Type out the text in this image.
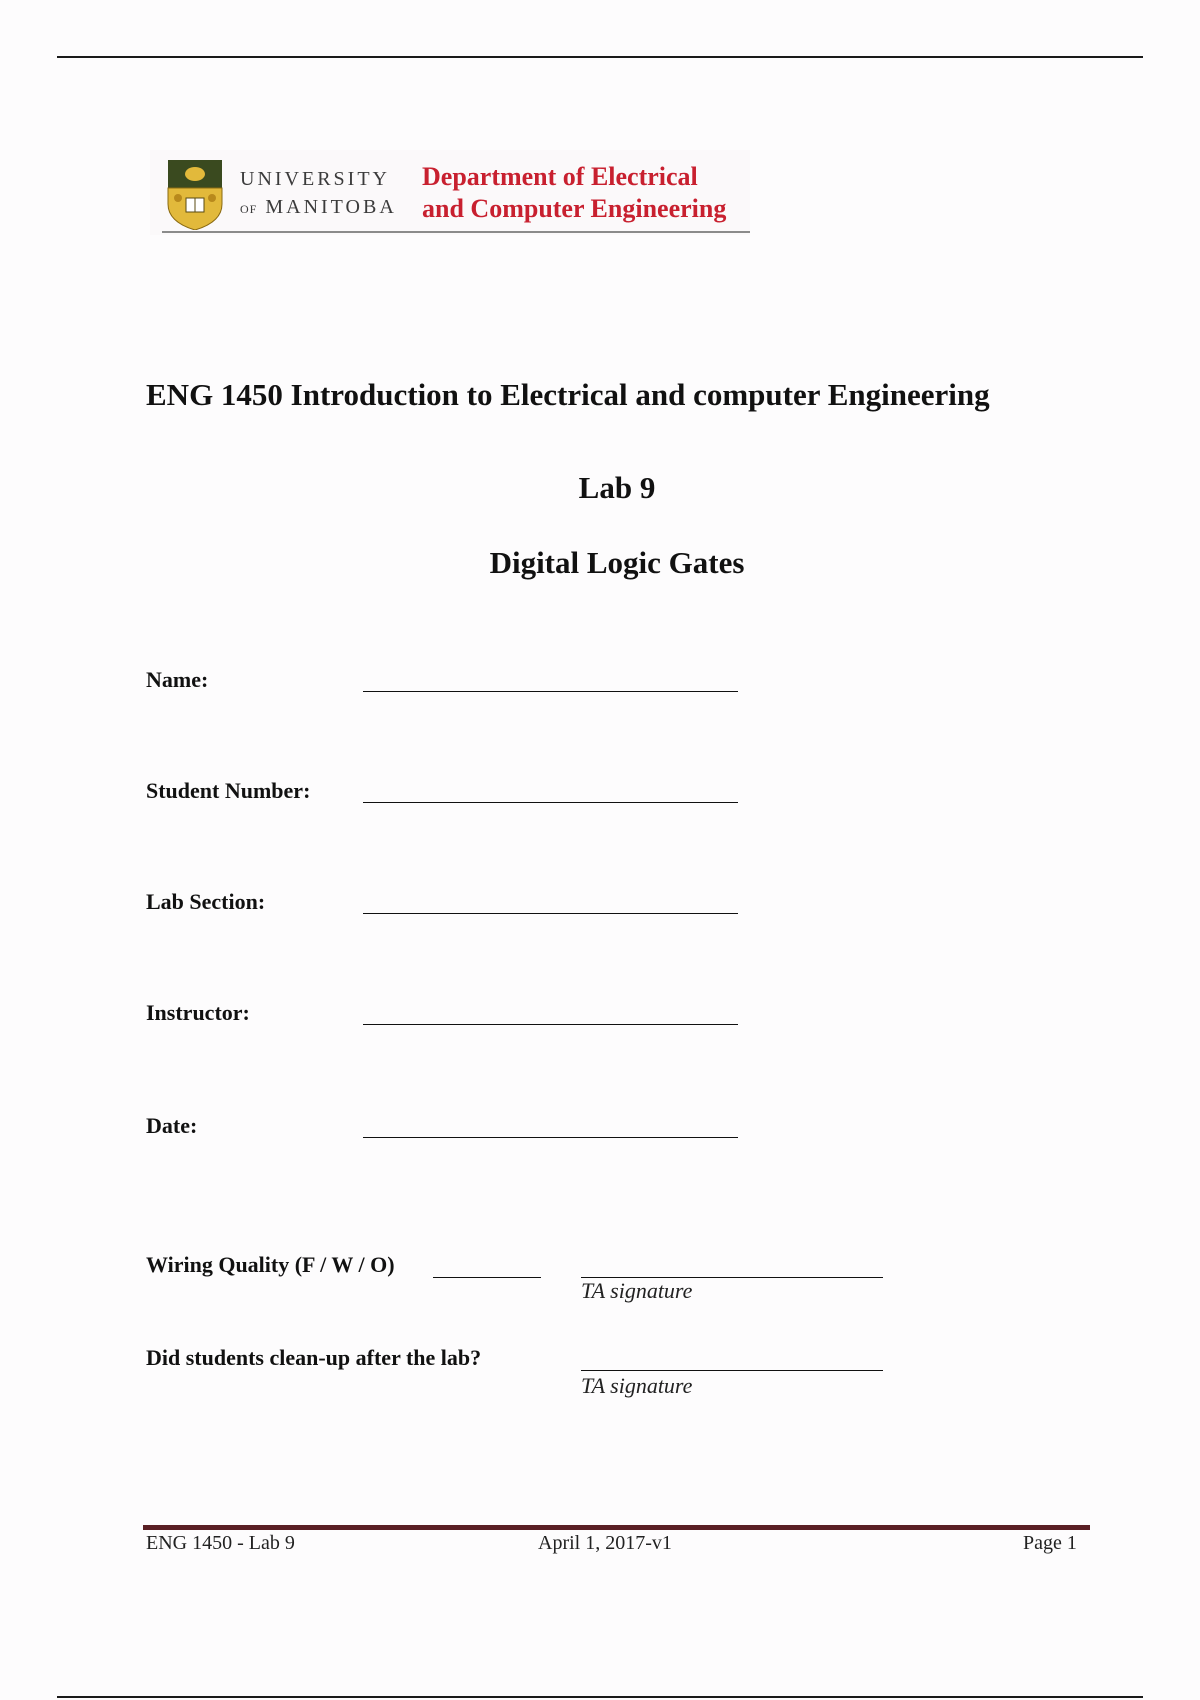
UNIVERSITY
OF MANITOBA
Department of Electrical
and Computer Engineering
ENG 1450 Introduction to Electrical and computer Engineering
Lab 9
Digital Logic Gates
Name:
Student Number:
Lab Section:
Instructor:
Date:
Wiring Quality (F / W / O)
TA signature
Did students clean-up after the lab?
TA signature
ENG 1450 - Lab 9	April 1, 2017-v1	Page 1
